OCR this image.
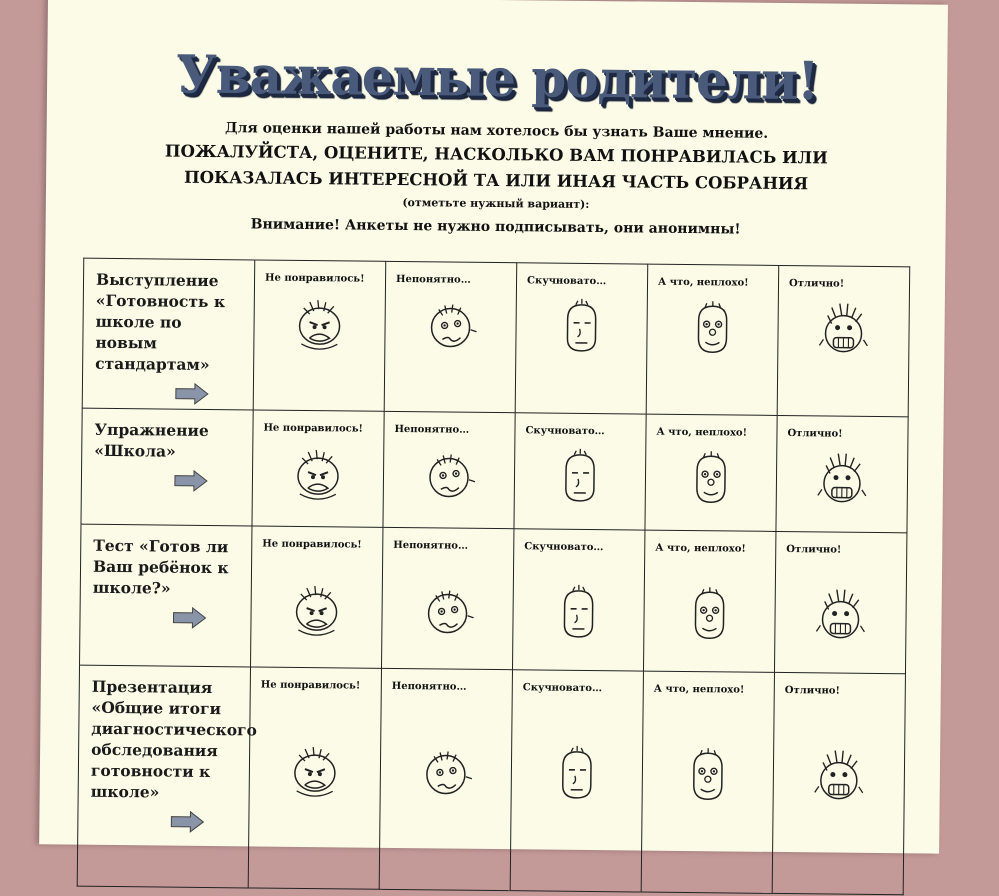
Уважаемые родители!
Для оценки нашей работы нам хотелось бы узнать Ваше мнение.
ПОЖАЛУЙСТА, ОЦЕНИТЕ, НАСКОЛЬКО ВАМ ПОНРАВИЛАСЬ ИЛИ
ПОКАЗАЛАСЬ ИНТЕРЕСНОЙ ТА ИЛИ ИНАЯ ЧАСТЬ СОБРАНИЯ
(отметьте нужный вариант):
Внимание! Анкеты не нужно подписывать, они анонимны!
Выступление «Готовность к школе по новым стандартам»	Не понравилось!	Непонятно…	Скучновато…	А что, неплохо!	Отлично!

Упражнение «Школа»	Не понравилось!	Непонятно…	Скучновато…	А что, неплохо!	Отлично!

Тест «Готов ли Ваш ребёнок к школе?»	Не понравилось!	Непонятно…	Скучновато…	А что, неплохо!	Отлично!

Презентация «Общие итоги диагностического обследования готовности к школе»	Не понравилось!	Непонятно…	Скучновато…	А что, неплохо!	Отлично!
